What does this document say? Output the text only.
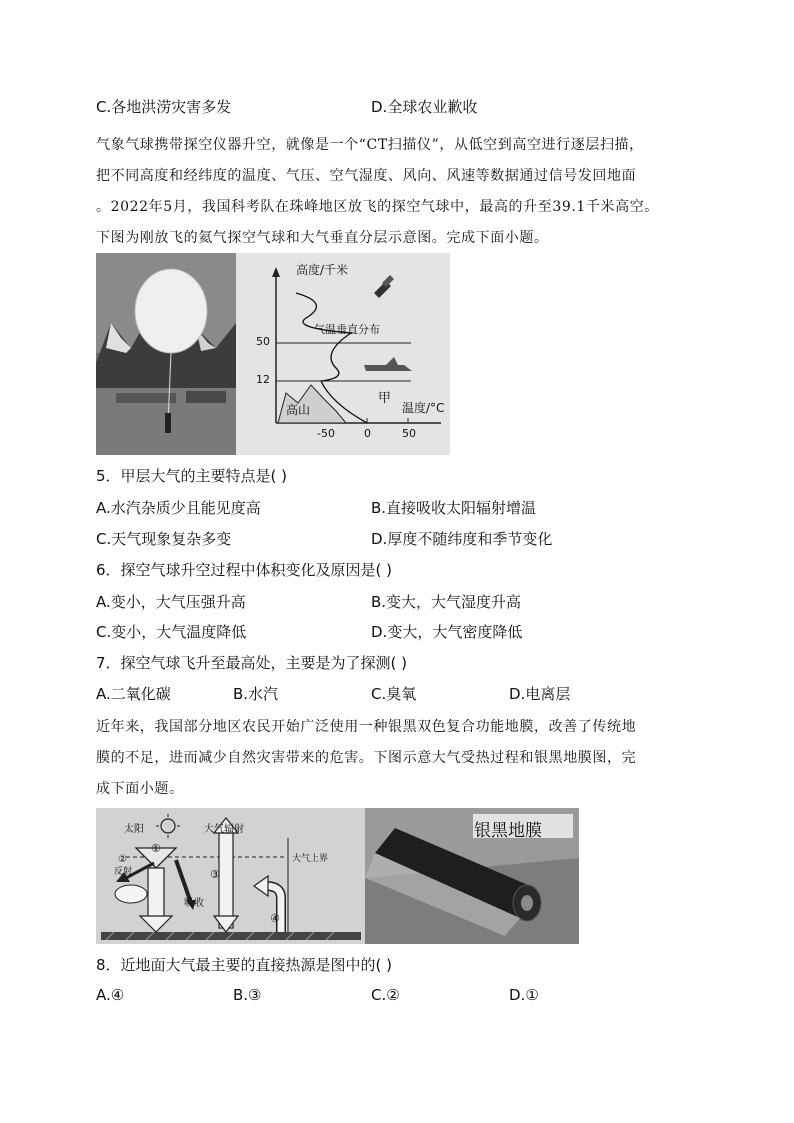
C.各地洪涝灾害多发	D.全球农业歉收
气象气球携带探空仪器升空，就像是一个“CT扫描仪”，从低空到高空进行逐层扫描，
把不同高度和经纬度的温度、气压、空气湿度、风向、风速等数据通过信号发回地面
。2022年5月，我国科考队在珠峰地区放飞的探空气球中，最高的升至39.1千米高空。
下图为刚放飞的氦气探空气球和大气垂直分层示意图。完成下面小题。
高度/千米
气温垂直分布
50
12
甲
高山	温度/°C
-50	0	50
5．甲层大气的主要特点是( )
A.水汽杂质少且能见度高	B.直接吸收太阳辐射增温
C.天气现象复杂多变	D.厚度不随纬度和季节变化
6．探空气球升空过程中体积变化及原因是( )
A.变小，大气压强升高	B.变大，大气湿度升高
C.变小，大气温度降低	D.变大，大气密度降低
7．探空气球飞升至最高处，主要是为了探测( )
A.二氧化碳	B.水汽	C.臭氧	D.电离层
近年来，我国部分地区农民开始广泛使用一种银黑双色复合功能地膜，改善了传统地
膜的不足，进而减少自然灾害带来的危害。下图示意大气受热过程和银黑地膜图，完
成下面小题。
太阳	大气辐射
大气上界
反射
吸收
①
②
③
④
银黑地膜
8．近地面大气最主要的直接热源是图中的( )
A.④	B.③	C.②	D.①
